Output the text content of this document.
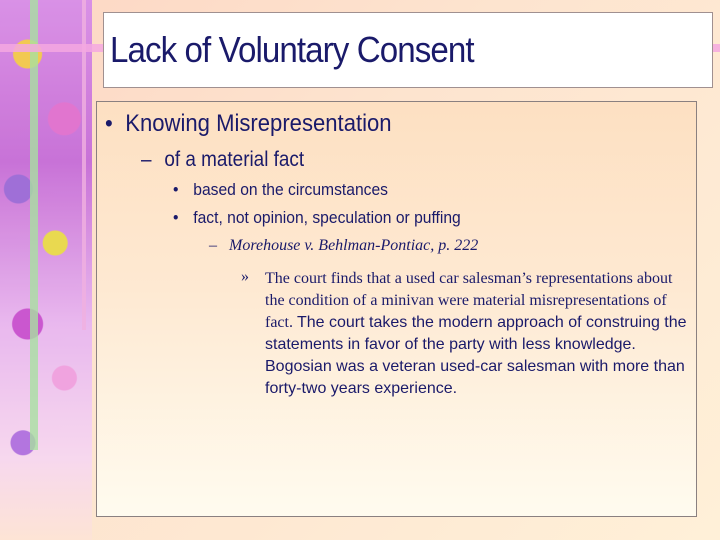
Lack of Voluntary Consent
• Knowing Misrepresentation
– of a material fact
• based on the circumstances
• fact, not opinion, speculation or puffing
– Morehouse v. Behlman-Pontiac, p. 222
» The court finds that a used car salesman’s representations about the condition of a minivan were material misrepresentations of fact. The court takes the modern approach of construing the statements in favor of the party with less knowledge. Bogosian was a veteran used-car salesman with more than forty-two years experience.
